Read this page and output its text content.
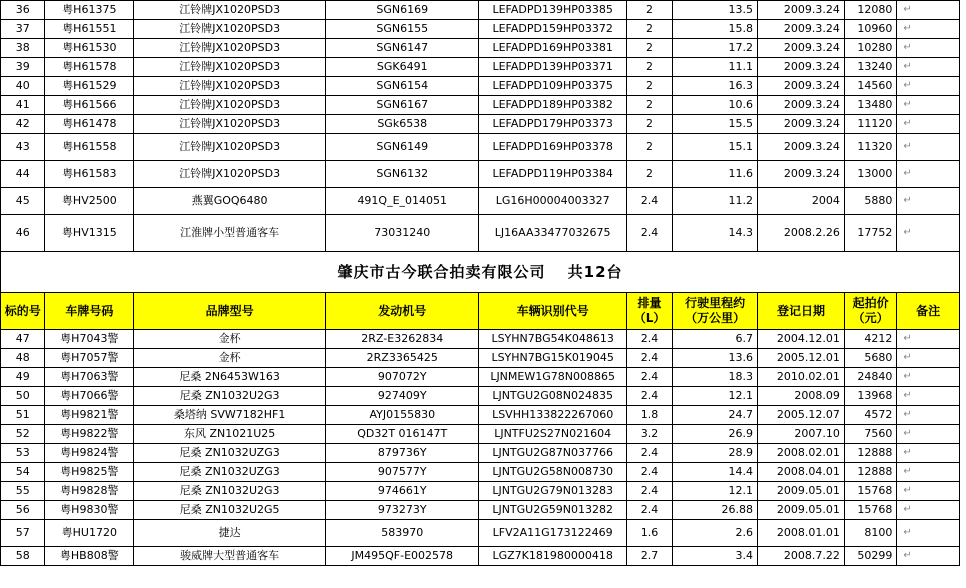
36	粤H61375	江铃牌JX1020PSD3	SGN6169	LEFADPD139HP03385	2	13.5	2009.3.24	12080	↵
37	粤H61551	江铃牌JX1020PSD3	SGN6155	LEFADPD159HP03372	2	15.8	2009.3.24	10960	↵
38	粤H61530	江铃牌JX1020PSD3	SGN6147	LEFADPD169HP03381	2	17.2	2009.3.24	10280	↵
39	粤H61578	江铃牌JX1020PSD3	SGK6491	LEFADPD139HP03371	2	11.1	2009.3.24	13240	↵
40	粤H61529	江铃牌JX1020PSD3	SGN6154	LEFADPD109HP03375	2	16.3	2009.3.24	14560	↵
41	粤H61566	江铃牌JX1020PSD3	SGN6167	LEFADPD189HP03382	2	10.6	2009.3.24	13480	↵
42	粤H61478	江铃牌JX1020PSD3	SGk6538	LEFADPD179HP03373	2	15.5	2009.3.24	11120	↵
43	粤H61558	江铃牌JX1020PSD3	SGN6149	LEFADPD169HP03378	2	15.1	2009.3.24	11320	↵
44	粤H61583	江铃牌JX1020PSD3	SGN6132	LEFADPD119HP03384	2	11.6	2009.3.24	13000	↵
45	粤HV2500	燕翼GOQ6480	491Q_E_014051	LG16H00004003327	2.4	11.2	2004	5880	↵
46	粤HV1315	江淮牌小型普通客车	73031240	LJ16AA33477032675	2.4	14.3	2008.2.26	17752	↵
肇庆市古今联合拍卖有限公司　 共12台									
标的号	车牌号码	品牌型号	发动机号	车辆识别代号	排量（L）	行驶里程约（万公里）	登记日期	起拍价（元）	备注
47	粤H7043警	金杯	2RZ-E3262834	LSYHN7BG54K048613	2.4	6.7	2004.12.01	4212	↵
48	粤H7057警	金杯	2RZ3365425	LSYHN7BG15K019045	2.4	13.6	2005.12.01	5680	↵
49	粤H7063警	尼桑 2N6453W163	907072Y	LJNMEW1G78N008865	2.4	18.3	2010.02.01	24840	↵
50	粤H7066警	尼桑 ZN1032U2G3	927409Y	LJNTGU2G08N024835	2.4	12.1	2008.09	13968	↵
51	粤H9821警	桑塔纳 SVW7182HF1	AYJ0155830	LSVHH133822267060	1.8	24.7	2005.12.07	4572	↵
52	粤H9822警	东风 ZN1021U25	QD32T 016147T	LJNTFU2S27N021604	3.2	26.9	2007.10	7560	↵
53	粤H9824警	尼桑 ZN1032UZG3	879736Y	LJNTGU2G87N037766	2.4	28.9	2008.02.01	12888	↵
54	粤H9825警	尼桑 ZN1032UZG3	907577Y	LJNTGU2G58N008730	2.4	14.4	2008.04.01	12888	↵
55	粤H9828警	尼桑 ZN1032U2G3	974661Y	LJNTGU2G79N013283	2.4	12.1	2009.05.01	15768	↵
56	粤H9830警	尼桑 ZN1032U2G5	973273Y	LJNTGU2G59N013282	2.4	26.88	2009.05.01	15768	↵
57	粤HU1720	捷达	583970	LFV2A11G173122469	1.6	2.6	2008.01.01	8100	↵
58	粤HB808警	骏威牌大型普通客车	JM495QF-E002578	LGZ7K181980000418	2.7	3.4	2008.7.22	50299	↵
